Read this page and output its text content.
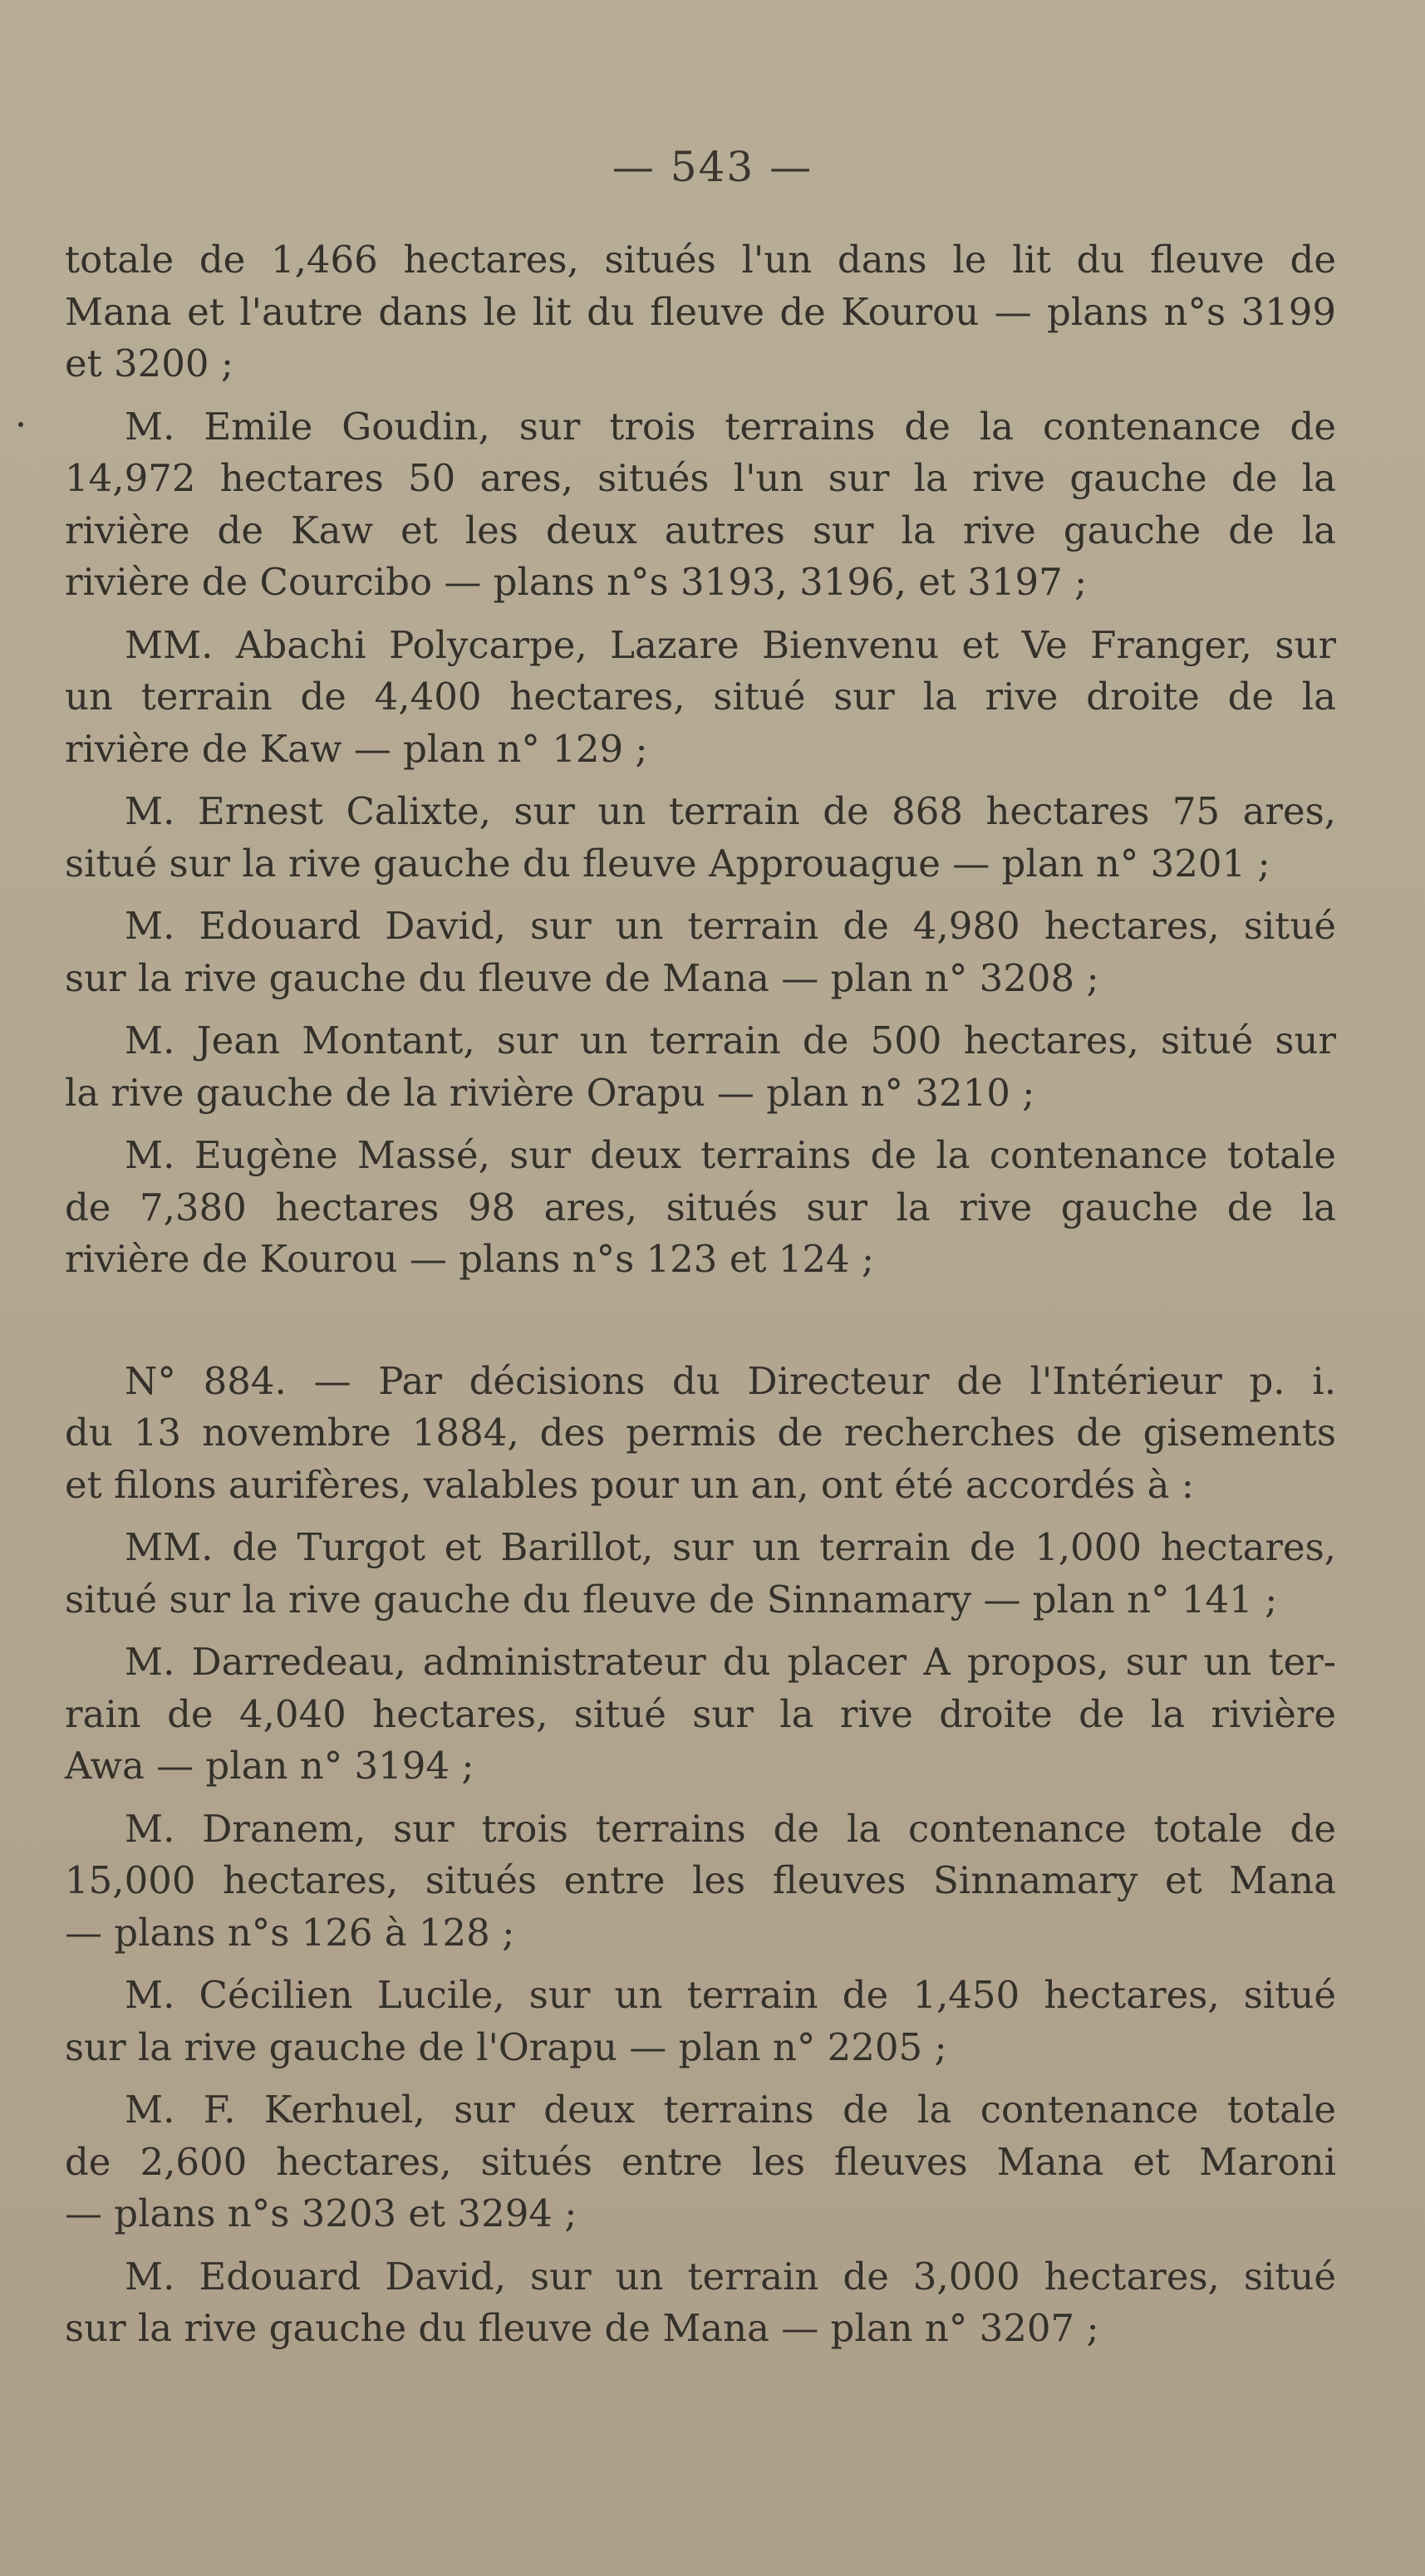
— 543 —

totale de 1,466 hectares, situés l'un dans le lit du fleuve de
Mana et l'autre dans le lit du fleuve de Kourou — plans n°s 3199
et 3200 ;

M. Emile Goudin, sur trois terrains de la contenance de
14,972 hectares 50 ares, situés l'un sur la rive gauche de la
rivière de Kaw et les deux autres sur la rive gauche de la
rivière de Courcibo — plans n°s 3193, 3196, et 3197 ;

MM. Abachi Polycarpe, Lazare Bienvenu et Ve Franger, sur
un terrain de 4,400 hectares, situé sur la rive droite de la
rivière de Kaw — plan n° 129 ;

M. Ernest Calixte, sur un terrain de 868 hectares 75 ares,
situé sur la rive gauche du fleuve Approuague — plan n° 3201 ;

M. Edouard David, sur un terrain de 4,980 hectares, situé
sur la rive gauche du fleuve de Mana — plan n° 3208 ;

M. Jean Montant, sur un terrain de 500 hectares, situé sur
la rive gauche de la rivière Orapu — plan n° 3210 ;

M. Eugène Massé, sur deux terrains de la contenance totale
de 7,380 hectares 98 ares, situés sur la rive gauche de la
rivière de Kourou — plans n°s 123 et 124 ;

N° 884. — Par décisions du Directeur de l'Intérieur p. i.
du 13 novembre 1884, des permis de recherches de gisements
et filons aurifères, valables pour un an, ont été accordés à :

MM. de Turgot et Barillot, sur un terrain de 1,000 hectares,
situé sur la rive gauche du fleuve de Sinnamary — plan n° 141 ;

M. Darredeau, administrateur du placer A propos, sur un ter-
rain de 4,040 hectares, situé sur la rive droite de la rivière
Awa — plan n° 3194 ;

M. Dranem, sur trois terrains de la contenance totale de
15,000 hectares, situés entre les fleuves Sinnamary et Mana
— plans n°s 126 à 128 ;

M. Cécilien Lucile, sur un terrain de 1,450 hectares, situé
sur la rive gauche de l'Orapu — plan n° 2205 ;

M. F. Kerhuel, sur deux terrains de la contenance totale
de 2,600 hectares, situés entre les fleuves Mana et Maroni
— plans n°s 3203 et 3294 ;

M. Edouard David, sur un terrain de 3,000 hectares, situé
sur la rive gauche du fleuve de Mana — plan n° 3207 ;
